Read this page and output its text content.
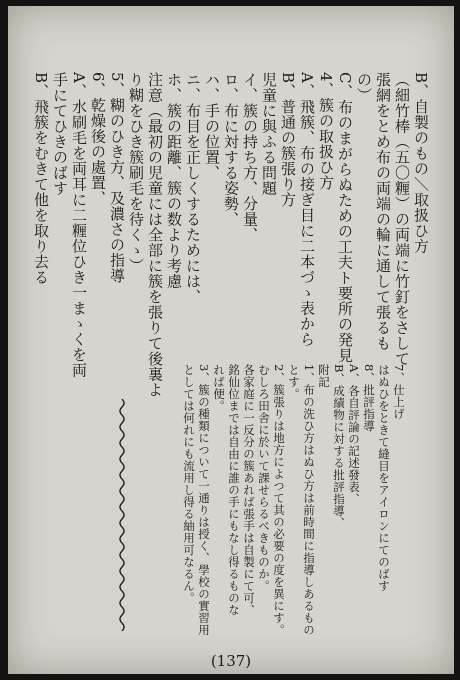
B、自製のもの＼取扱ひ方
（細竹棒（五〇糎）の両端に竹釘をさして
張網をとめ布の両端の輪に通して張るも
の）
C、布のまがらぬための工夫ト要所の発見
4、簇の取扱ひ方
A、飛簇、布の接ぎ目に二本づゝ表から
B、普通の簇張り方
児童に與ふる問題
イ、簇の持ち方、分量、
ロ、布に対する姿勢、
ハ、手の位置、
ニ、布目を正しくするためには、
ホ、簇の距離、簇の数より考慮
注意（最初の児童には全部に簇を張りて後裏よ
り糊をひき簇刷毛を待くゝ）
5、糊のひき方、及濃さの指導
6、乾燥後の處置、
A、水刷毛を両耳に二糎位ひき一まゝくを両
手にてひきのばす
B、飛簇をむきて他を取り去る
7、仕上げ
はぬひをときて縫目をアイロンにてのばす
8、批評指導
A、各自評論の記述發表、
B、成績物に対する批評指導、
附記
1、布の洗ひ方はぬひ方は前時間に指導しあるもの
とす。
2、簇張りは地方によつて其の必要の度を異にす。
むしろ田舎に於いて課せらるべきものか。
各家庭に一反分の簇あれば張手は自製にて可、
銘仙位までは自由に誰の手にもなし得るものな
れば便。
3、簇の種類について一通りは授く、學校の實習用
としては何れにも流用し得る紬用可なるん。
(137)
